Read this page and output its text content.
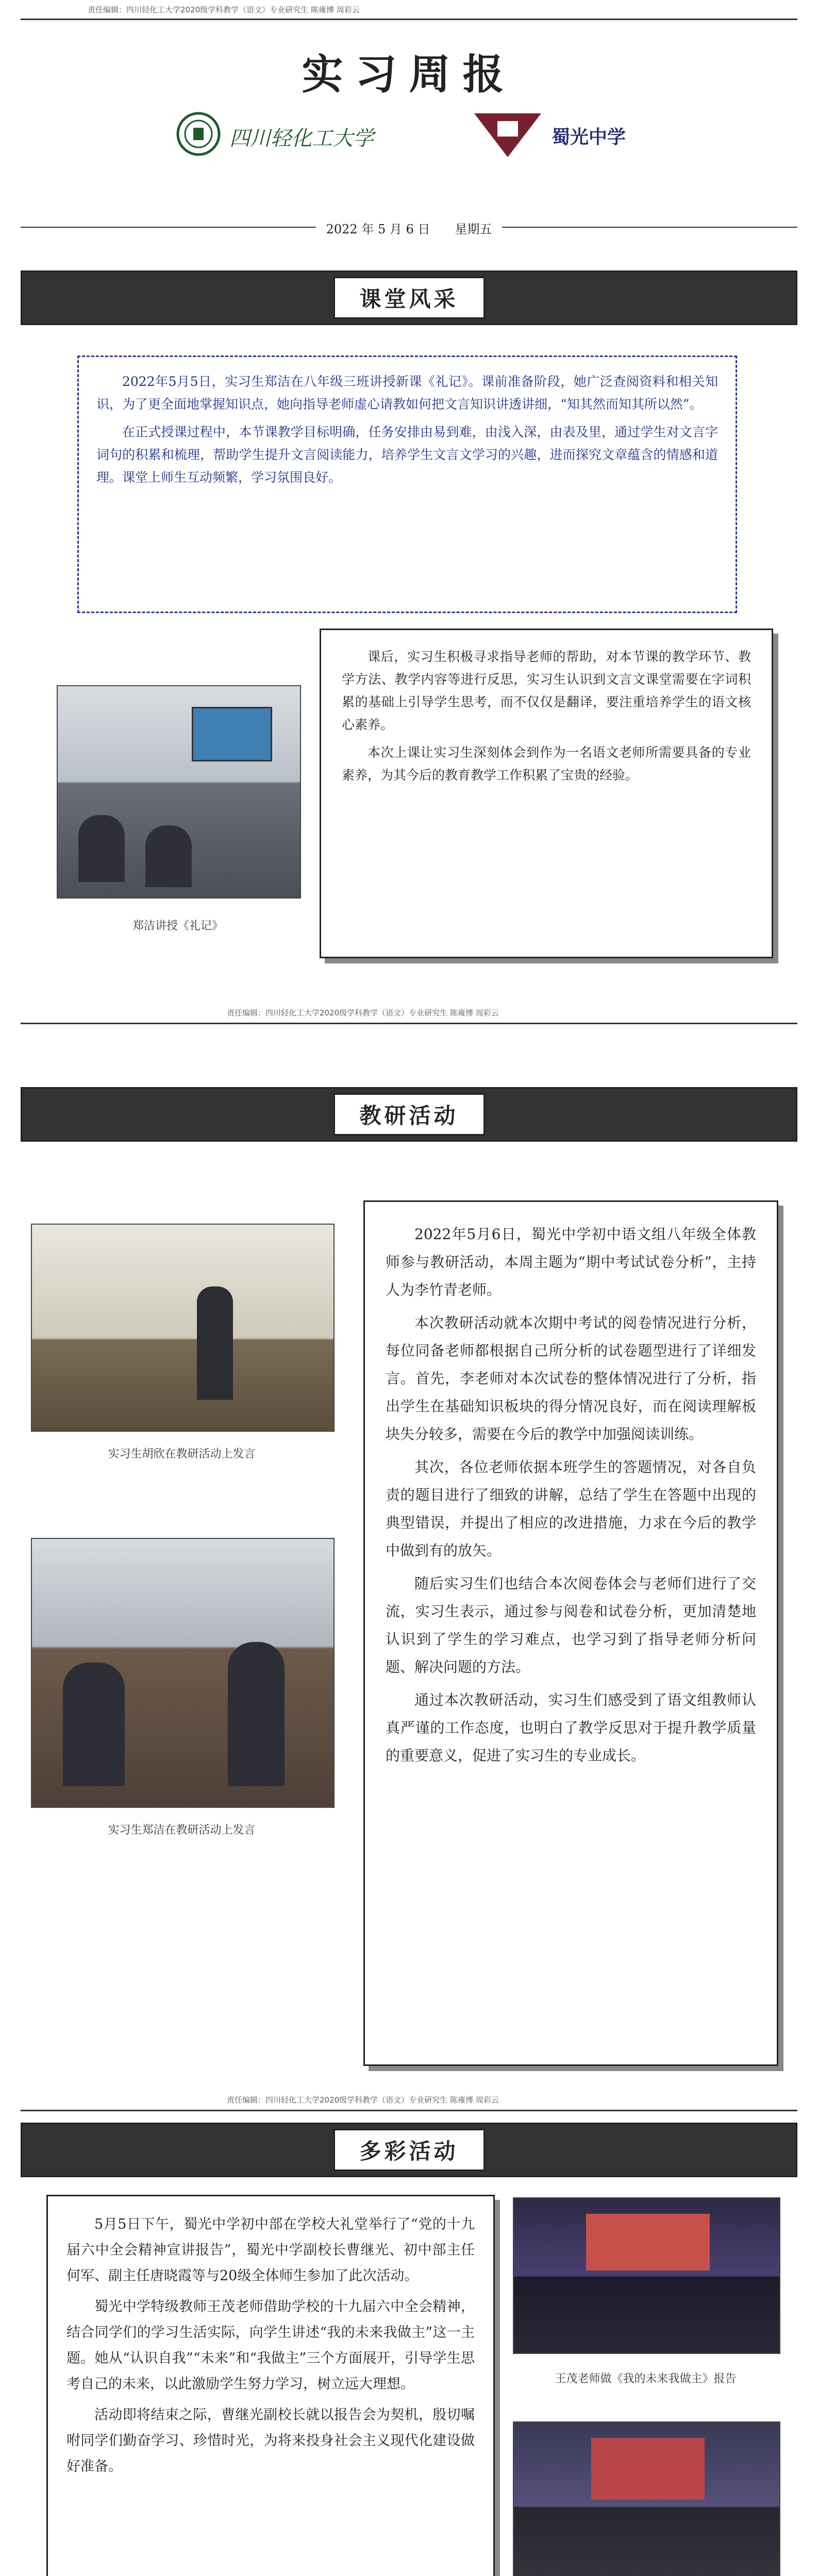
责任编辑：四川轻化工大学2020级学科教学（语文）专业研究生 陈雍博 周彩云
实习周报
四川轻化工大学	蜀光中学
2022 年 5 月 6 日　　星期五
课堂风采

2022年5月5日，实习生郑洁在八年级三班讲授新课《礼记》。课前准备阶段，她广泛查阅资料和相关知识，为了更全面地掌握知识点，她向指导老师虚心请教如何把文言知识讲透讲细，“知其然而知其所以然”。

在正式授课过程中，本节课教学目标明确，任务安排由易到难，由浅入深，由表及里，通过学生对文言字词句的积累和梳理，帮助学生提升文言阅读能力，培养学生文言文学习的兴趣，进而探究文章蕴含的情感和道理。课堂上师生互动频繁，学习氛围良好。

郑洁讲授《礼记》

课后，实习生积极寻求指导老师的帮助，对本节课的教学环节、教学方法、教学内容等进行反思，实习生认识到文言文课堂需要在字词积累的基础上引导学生思考，而不仅仅是翻译，要注重培养学生的语文核心素养。

本次上课让实习生深刻体会到作为一名语文老师所需要具备的专业素养，为其今后的教育教学工作积累了宝贵的经验。

责任编辑：四川轻化工大学2020级学科教学（语文）专业研究生 陈雍博 周彩云
教研活动
实习生胡欣在教研活动上发言
实习生郑洁在教研活动上发言

2022年5月6日，蜀光中学初中语文组八年级全体教师参与教研活动，本周主题为“期中考试试卷分析”，主持人为李竹青老师。

本次教研活动就本次期中考试的阅卷情况进行分析，每位同备老师都根据自己所分析的试卷题型进行了详细发言。首先，李老师对本次试卷的整体情况进行了分析，指出学生在基础知识板块的得分情况良好，而在阅读理解板块失分较多，需要在今后的教学中加强阅读训练。

其次，各位老师依据本班学生的答题情况，对各自负责的题目进行了细致的讲解，总结了学生在答题中出现的典型错误，并提出了相应的改进措施，力求在今后的教学中做到有的放矢。

随后实习生们也结合本次阅卷体会与老师们进行了交流，实习生表示，通过参与阅卷和试卷分析，更加清楚地认识到了学生的学习难点，也学习到了指导老师分析问题、解决问题的方法。

通过本次教研活动，实习生们感受到了语文组教师认真严谨的工作态度，也明白了教学反思对于提升教学质量的重要意义，促进了实习生的专业成长。

责任编辑：四川轻化工大学2020级学科教学（语文）专业研究生 陈雍博 周彩云
多彩活动

5月5日下午，蜀光中学初中部在学校大礼堂举行了“党的十九届六中全会精神宣讲报告”，蜀光中学副校长曹继光、初中部主任何军、副主任唐晓霞等与20级全体师生参加了此次活动。

蜀光中学特级教师王茂老师借助学校的十九届六中全会精神，结合同学们的学习生活实际，向学生讲述“我的未来我做主”这一主题。她从“认识自我”“未来”和“我做主”三个方面展开，引导学生思考自己的未来，以此激励学生努力学习，树立远大理想。

活动即将结束之际，曹继光副校长就以报告会为契机，殷切嘱咐同学们勤奋学习、珍惜时光，为将来投身社会主义现代化建设做好准备。

王茂老师做《我的未来我做主》报告
